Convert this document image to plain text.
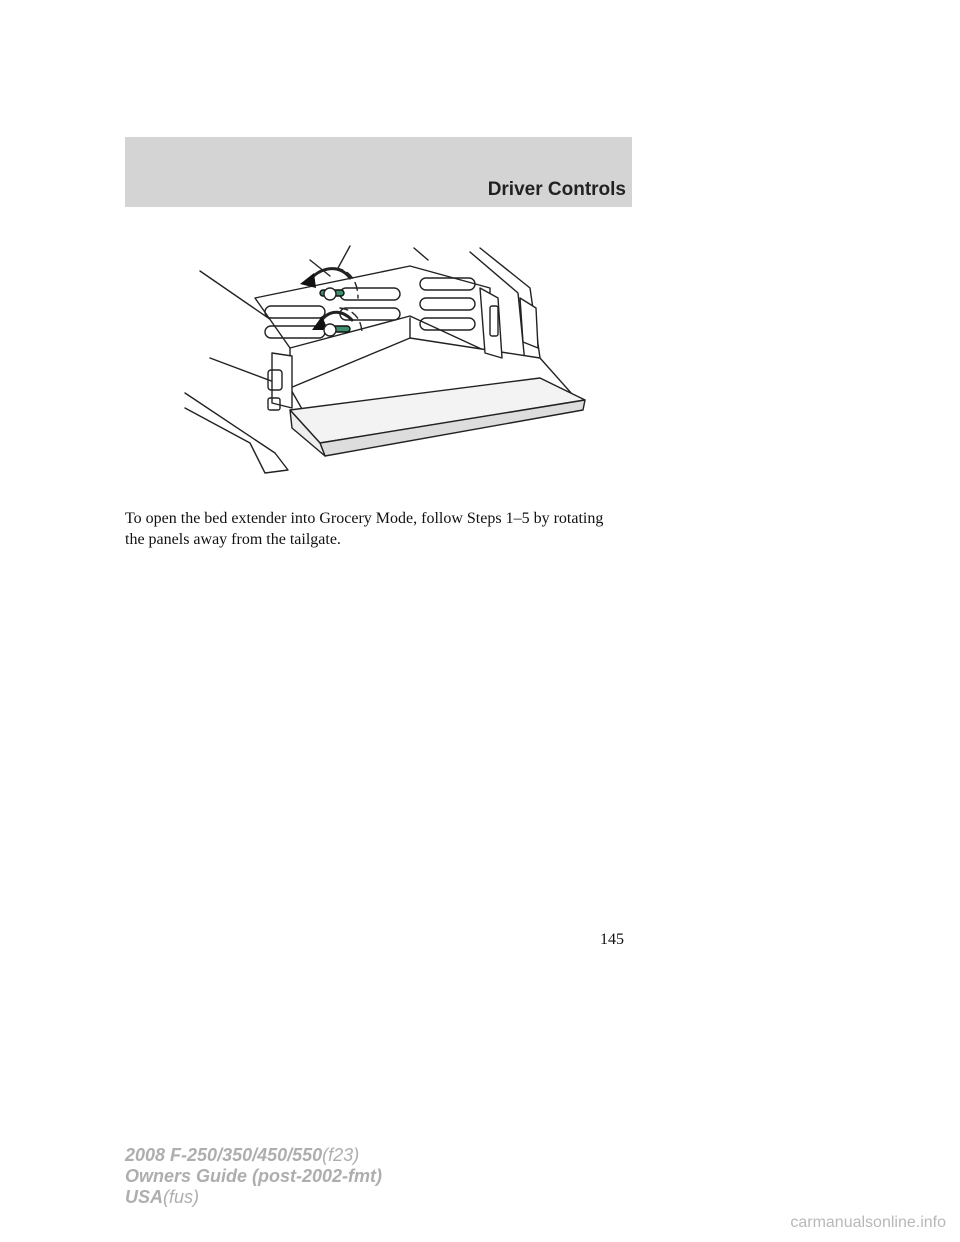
Driver Controls

To open the bed extender into Grocery Mode, follow Steps 1–5 by rotating the panels away from the tailgate.

145
2008 F-250/350/450/550(f23)
Owners Guide (post-2002-fmt)
USA(fus)
carmanualsonline.info
